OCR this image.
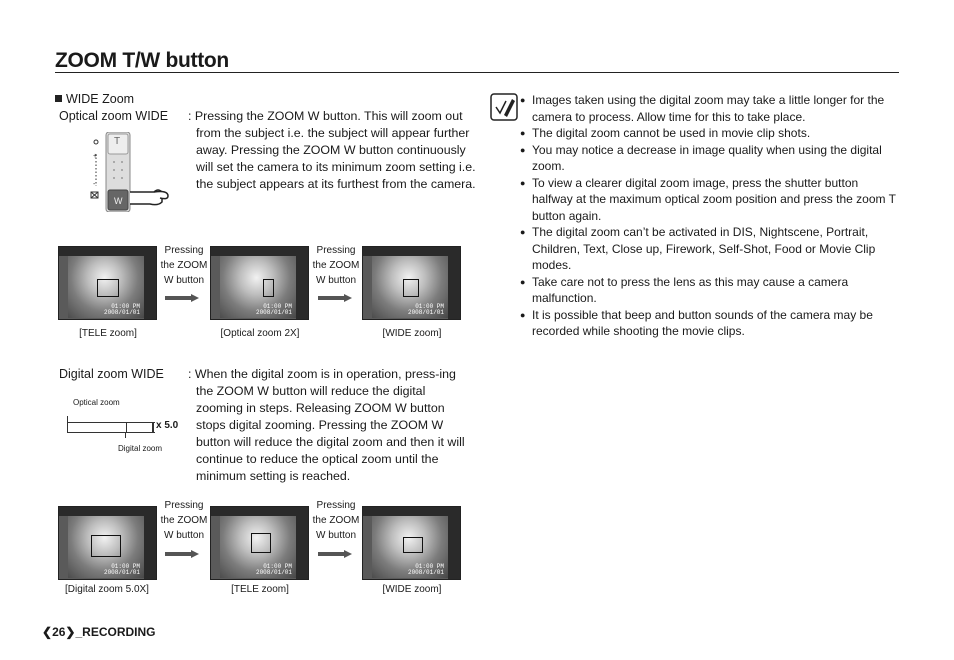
ZOOM T/W button
WIDE Zoom
Optical zoom WIDE : Pressing the ZOOM W button. This will zoom out from the subject i.e. the subject will appear further away. Pressing the ZOOM W button continuously will set the camera to its minimum zoom setting i.e. the subject appears at its furthest from the camera.
+
-
T
W
01:00 PM
2008/01/01
Pressing the ZOOM W button
01:00 PM
2008/01/01
Pressing the ZOOM W button
01:00 PM
2008/01/01
[TELE zoom]	[Optical zoom 2X]	[WIDE zoom]
Digital zoom WIDE : When the digital zoom is in operation, press-ing the ZOOM W button will reduce the digital zooming in steps. Releasing ZOOM W button stops digital zooming. Pressing the ZOOM W button will reduce the digital zoom and then it will continue to reduce the optical zoom until the minimum setting is reached.
Optical zoom
x 5.0
Digital zoom
01:00 PM
2008/01/01
Pressing the ZOOM W button
01:00 PM
2008/01/01
Pressing the ZOOM W button
01:00 PM
2008/01/01
[Digital zoom 5.0X]	[TELE zoom]	[WIDE zoom]
● Images taken using the digital zoom may take a little longer for the camera to process. Allow time for this to take place.
● The digital zoom cannot be used in movie clip shots.
● You may notice a decrease in image quality when using the digital zoom.
● To view a clearer digital zoom image, press the shutter button halfway at the maximum optical zoom position and press the zoom T button again.
● The digital zoom can’t be activated in DIS, Nightscene, Portrait, Children, Text, Close up, Firework, Self-Shot, Food or Movie Clip modes.
● Take care not to press the lens as this may cause a camera malfunction.
● It is possible that beep and button sounds of the camera may be recorded while shooting the movie clips.
❮26❯_RECORDING
